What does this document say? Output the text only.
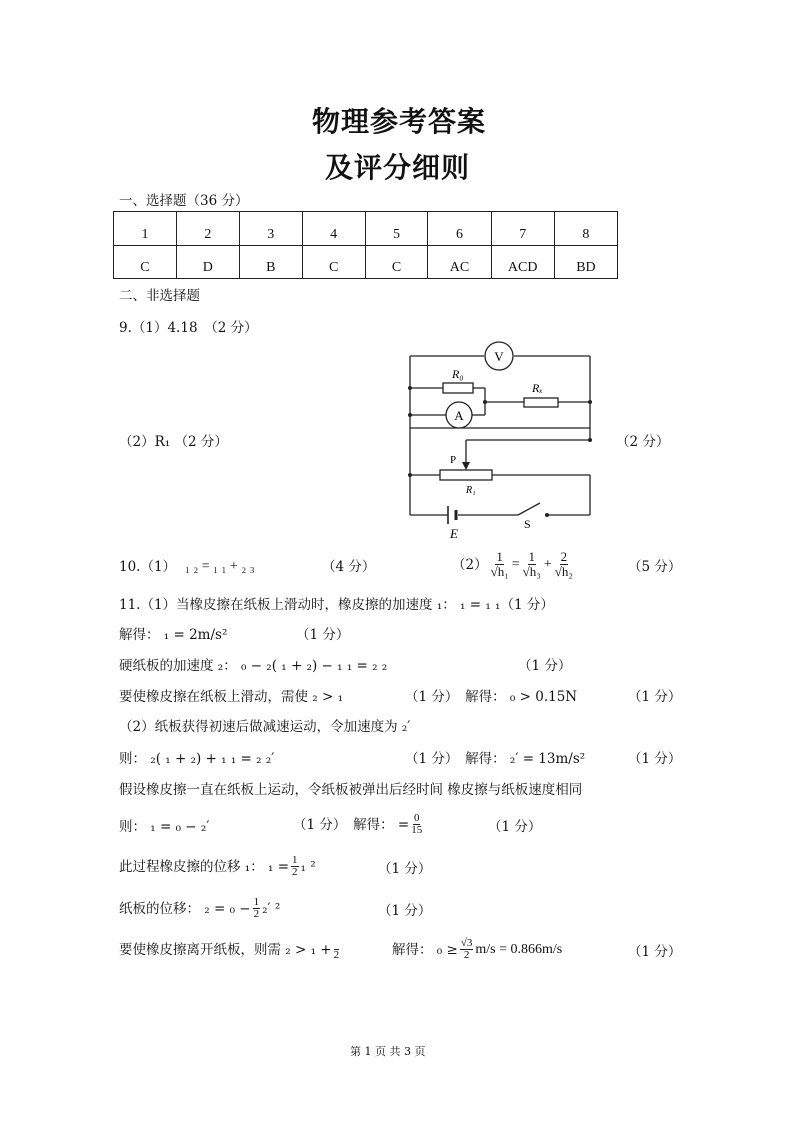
物理参考答案
及评分细则
一、选择题（36 分）
1	2	3	4	5	6	7	8
C	D	B	C	C	AC	ACD	BD
二、非选择题
9.（1）4.18　（2 分）
（2）R₁ （2 分）	（2 分）
V
A
R₀
Rₓ
P
R₁
E
S
10.（1） ₁ ₂ = ₁ ₁ + ₂ ₃	（4 分）	$(2) \frac{1}{\text{√h₁}} = \frac{1}{\text{√h₃}} + \frac{2}{\text{√h₂}}$	（5 分）
11.（1）当橡皮擦在纸板上滑动时，橡皮擦的加速度 ₁： ₁ = ₁ ₁（1 分）
解得： ₁ = 2m/s²	（1 分）
硬纸板的加速度 ₂： ₀ − ₂( ₁ + ₂) − ₁ ₁ = ₂ ₂	（1 分）
要使橡皮擦在纸板上滑动，需使 ₂ > ₁	（1 分）　解得： ₀ > 0.15N	（1 分）
（2）纸板获得初速后做减速运动，令加速度为 ₂′
则： ₂( ₁ + ₂) + ₁ ₁ = ₂ ₂′	（1 分）　解得： ₂′ = 13m/s²	（1 分）
假设橡皮擦一直在纸板上运动，令纸板被弹出后经时间 橡皮擦与纸板速度相同
则： ₁ = ₀ − ₂′	（1 分）　解得： = $\frac{0}{15}$	（1 分）
此过程橡皮擦的位移 ₁： $_1 = \frac{1}{2} _1$ ²	（1 分）
纸板的位移： $_2 = _0 - \frac{1}{2} _2'$ ²	（1 分）
要使橡皮擦离开纸板，则需 ₂ > ₁ +
2	解得： $_0 \ge \frac{√3}{2} m/s = 0.866m/s$	（1 分）
第 1 页 共 3 页
